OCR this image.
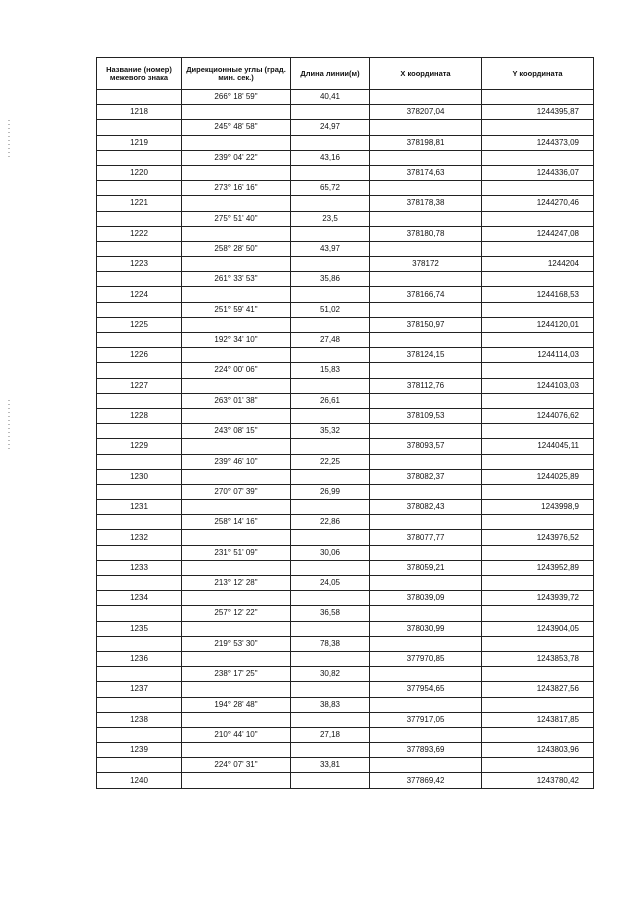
Название (номер) межевого знака	Дирекционные углы (град. мин. сек.)	Длина линии(м)	X координата	Y координата
	266° 18' 59"	40,41		
1218			378207,04	1244395,87
	245° 48' 58"	24,97		
1219			378198,81	1244373,09
	239° 04' 22"	43,16		
1220			378174,63	1244336,07
	273° 16' 16"	65,72		
1221			378178,38	1244270,46
	275° 51' 40"	23,5		
1222			378180,78	1244247,08
	258° 28' 50"	43,97		
1223			378172	1244204
	261° 33' 53"	35,86		
1224			378166,74	1244168,53
	251° 59' 41"	51,02		
1225			378150,97	1244120,01
	192° 34' 10"	27,48		
1226			378124,15	1244114,03
	224° 00' 06"	15,83		
1227			378112,76	1244103,03
	263° 01' 38"	26,61		
1228			378109,53	1244076,62
	243° 08' 15"	35,32		
1229			378093,57	1244045,11
	239° 46' 10"	22,25		
1230			378082,37	1244025,89
	270° 07' 39"	26,99		
1231			378082,43	1243998,9
	258° 14' 16"	22,86		
1232			378077,77	1243976,52
	231° 51' 09"	30,06		
1233			378059,21	1243952,89
	213° 12' 28"	24,05		
1234			378039,09	1243939,72
	257° 12' 22"	36,58		
1235			378030,99	1243904,05
	219° 53' 30"	78,38		
1236			377970,85	1243853,78
	238° 17' 25"	30,82		
1237			377954,65	1243827,56
	194° 28' 48"	38,83		
1238			377917,05	1243817,85
	210° 44' 10"	27,18		
1239			377893,69	1243803,96
	224° 07' 31"	33,81		
1240			377869,42	1243780,42
